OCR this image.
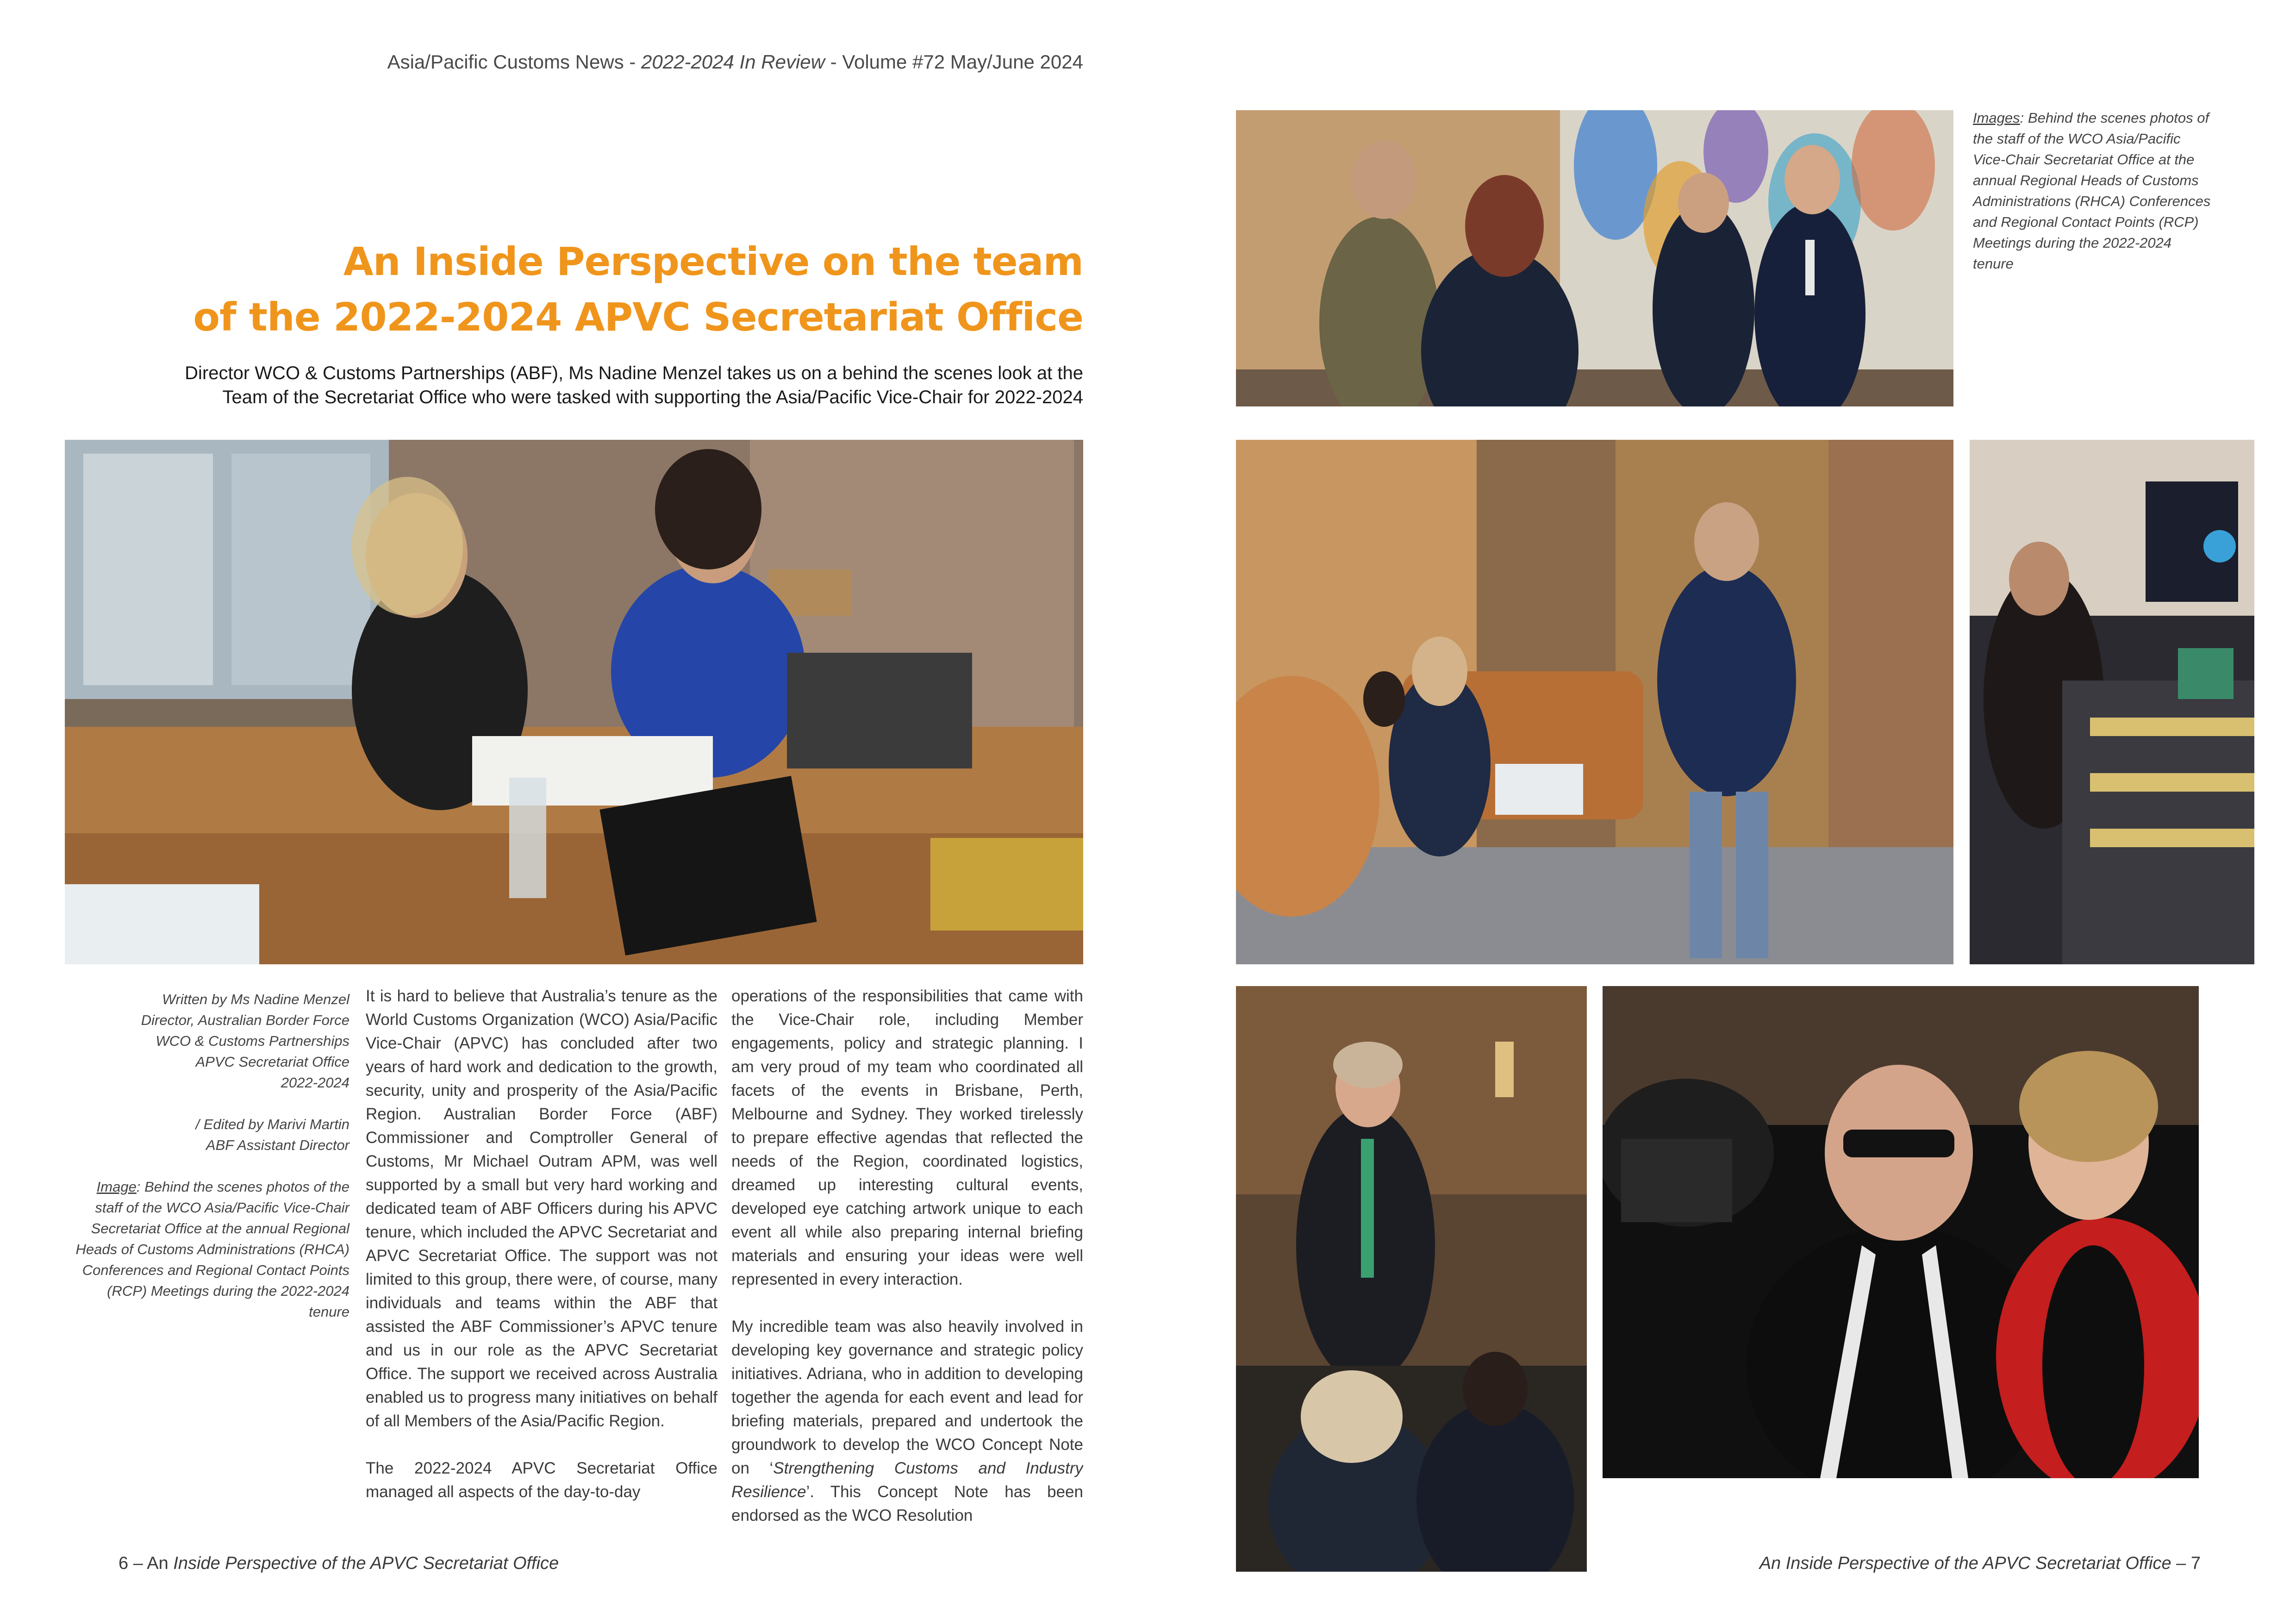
Asia/Pacific Customs News - 2022-2024 In Review - Volume #72 May/June 2024
An Inside Perspective on the team
of the 2022-2024 APVC Secretariat Office
Director WCO & Customs Partnerships (ABF), Ms Nadine Menzel takes us on a behind the scenes look at the
Team of the Secretariat Office who were tasked with supporting the Asia/Pacific Vice-Chair for 2022-2024

Written by Ms Nadine Menzel
Director, Australian Border Force
WCO & Customs Partnerships
APVC Secretariat Office
2022-2024

/ Edited by Marivi Martin
ABF Assistant Director

Image: Behind the scenes photos of the staff of the WCO Asia/Pacific Vice-Chair Secretariat Office at the annual Regional Heads of Customs Administrations (RHCA) Conferences and Regional Contact Points (RCP) Meetings during the 2022-2024 tenure

It is hard to believe that Australia’s tenure as the World Customs Organization (WCO) Asia/Pacific Vice-Chair (APVC) has concluded after two years of hard work and dedication to the growth, security, unity and prosperity of the Asia/Pacific Region. Australian Border Force (ABF) Commissioner and Comptroller General of Customs, Mr Michael Outram APM, was well supported by a small but very hard working and dedicated team of ABF Officers during his APVC tenure, which included the APVC Secretariat and APVC Secretariat Office. The support was not limited to this group, there were, of course, many individuals and teams within the ABF that assisted the ABF Commissioner’s APVC tenure and us in our role as the APVC Secretariat Office. The support we received across Australia enabled us to progress many initiatives on behalf of all Members of the Asia/Pacific Region.

The 2022-2024 APVC Secretariat Office managed all aspects of the day-to-day

operations of the responsibilities that came with the Vice-Chair role, including Member engagements, policy and strategic planning. I am very proud of my team who coordinated all facets of the events in Brisbane, Perth, Melbourne and Sydney. They worked tirelessly to prepare effective agendas that reflected the needs of the Region, coordinated logistics, dreamed up interesting cultural events, developed eye catching artwork unique to each event all while also preparing internal briefing materials and ensuring your ideas were well represented in every interaction.

My incredible team was also heavily involved in developing key governance and strategic policy initiatives. Adriana, who in addition to developing together the agenda for each event and lead for briefing materials, prepared and undertook the groundwork to develop the WCO Concept Note on ‘Strengthening Customs and Industry Resilience’. This Concept Note has been endorsed as the WCO Resolution

6 – An Inside Perspective of the APVC Secretariat Office	An Inside Perspective of the APVC Secretariat Office – 7
Images: Behind the scenes photos of the staff of the WCO Asia/Pacific Vice-Chair Secretariat Office at the annual Regional Heads of Customs Administrations (RHCA) Conferences and Regional Contact Points (RCP) Meetings during the 2022-2024 tenure
